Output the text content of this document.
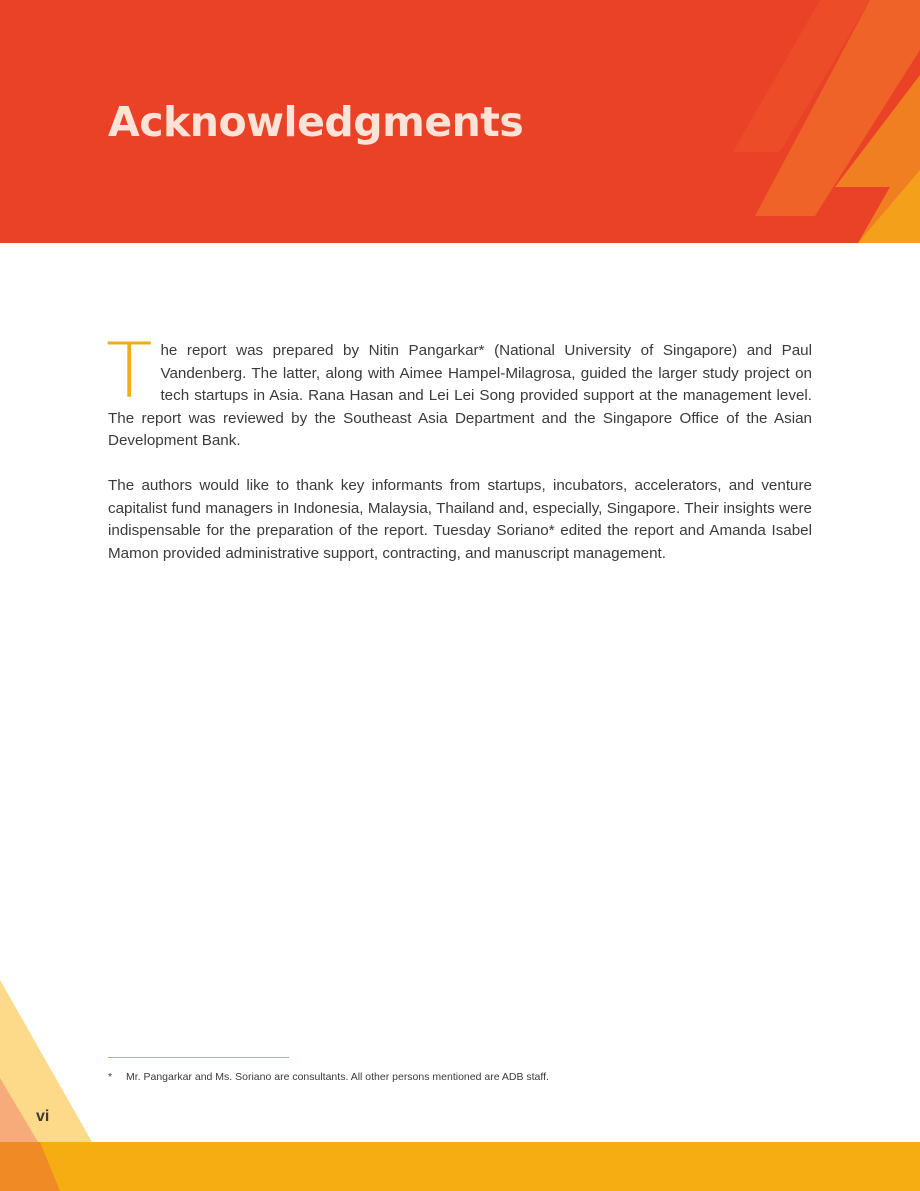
Acknowledgments

The report was prepared by Nitin Pangarkar* (National University of Singapore) and Paul Vandenberg. The latter, along with Aimee Hampel-Milagrosa, guided the larger study project on tech startups in Asia. Rana Hasan and Lei Lei Song provided support at the management level. The report was reviewed by the Southeast Asia Department and the Singapore Office of the Asian Development Bank.

The authors would like to thank key informants from startups, incubators, accelerators, and venture capitalist fund managers in Indonesia, Malaysia, Thailand and, especially, Singapore. Their insights were indispensable for the preparation of the report. Tuesday Soriano* edited the report and Amanda Isabel Mamon provided administrative support, contracting, and manuscript management.

* Mr. Pangarkar and Ms. Soriano are consultants. All other persons mentioned are ADB staff.
vi
